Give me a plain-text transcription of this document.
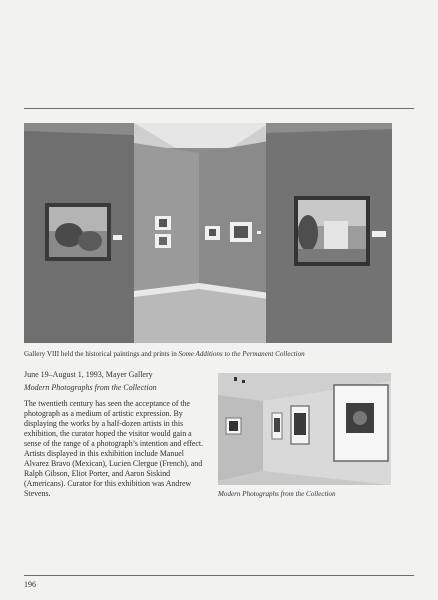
Gallery VIII held the historical paintings and prints in Some Additions to the Permanent Collection
June 19–August 1, 1993, Mayer Gallery
Modern Photographs from the Collection

The twentieth century has seen the acceptance of the photograph as a medium of artistic expression. By displaying the works by a half-dozen artists in this exhibition, the curator hoped the visitor would gain a sense of the range of a photograph’s intention and effect. Artists displayed in this exhibition include Manuel Alvarez Bravo (Mexican), Lucien Clergue (French), and Ralph Gibson, Eliot Porter, and Aaron Siskind (Americans). Curator for this exhibition was Andrew Stevens.	Modern Photographs from the Collection
196
